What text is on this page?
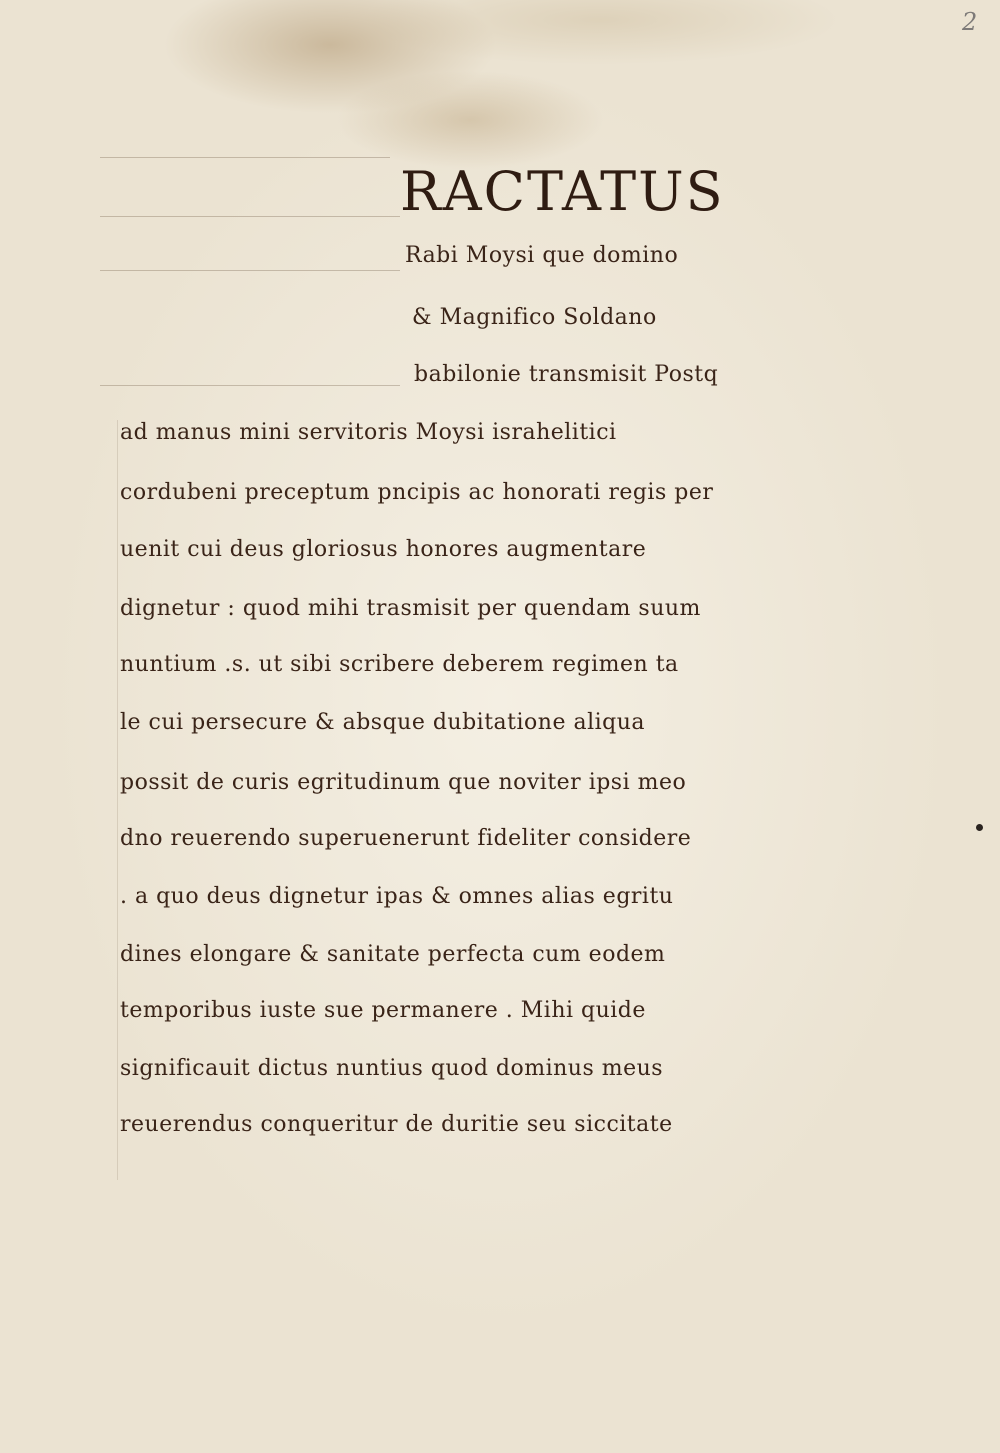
2
RACTATUS
Rabi Moysi que domino
& Magnifico Soldano
babilonie transmisit Postq
ad manus mini servitoris Moysi israhelitici
cordubeni preceptum pncipis ac honorati regis per
uenit cui deus gloriosus honores augmentare
dignetur : quod mihi trasmisit per quendam suum
nuntium .s. ut sibi scribere deberem regimen ta
le cui persecure & absque dubitatione aliqua
possit de curis egritudinum que noviter ipsi meo
dno reuerendo superuenerunt fideliter considere
. a quo deus dignetur ipas & omnes alias egritu
dines elongare & sanitate perfecta cum eodem
temporibus iuste sue permanere . Mihi quide
significauit dictus nuntius quod dominus meus
reuerendus conqueritur de duritie seu siccitate
